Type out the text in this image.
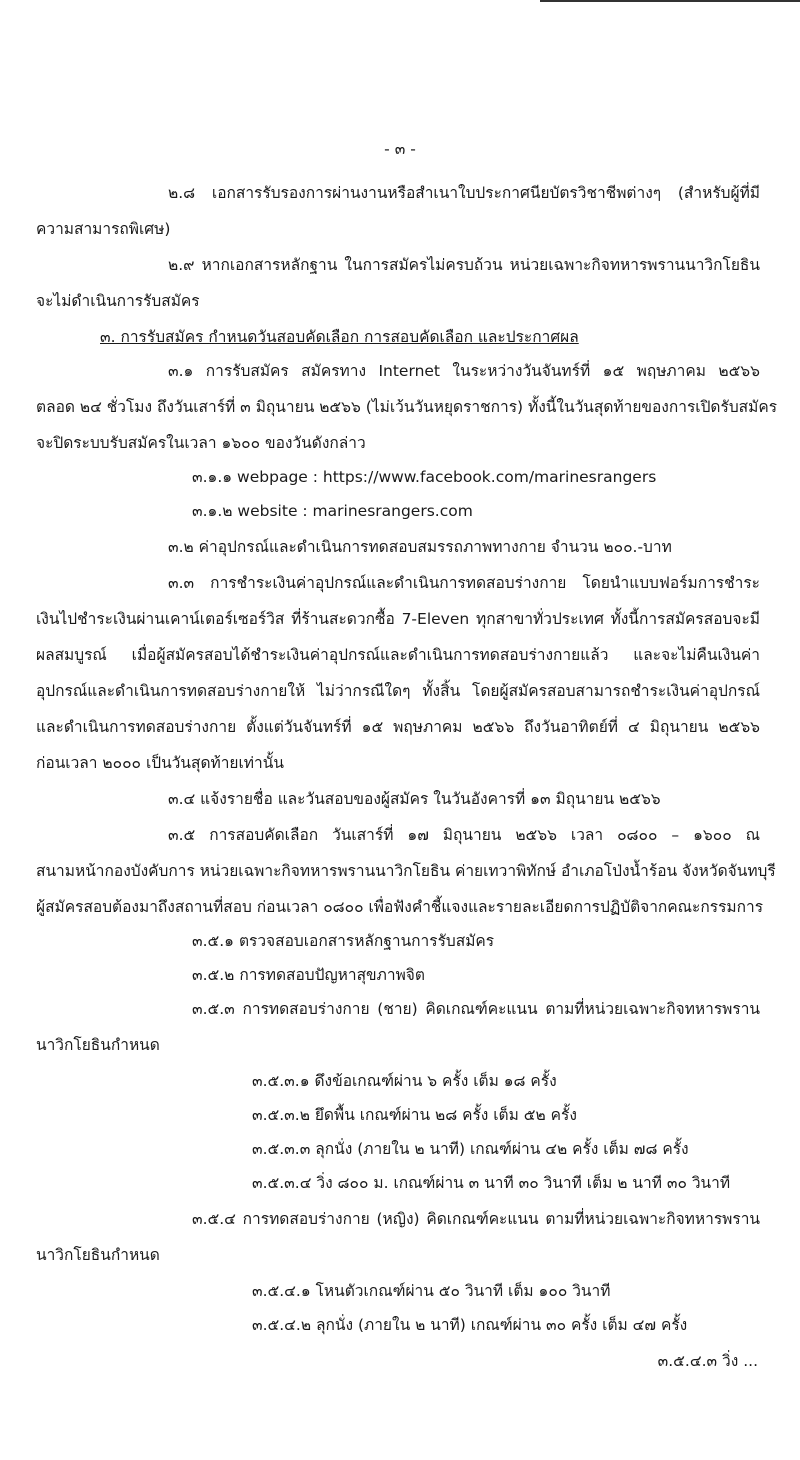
- ๓ -
๒.๘ เอกสารรับรองการผ่านงานหรือสำเนาใบประกาศนียบัตรวิชาชีพต่างๆ (สำหรับผู้ที่มี
ความสามารถพิเศษ)
๒.๙ หากเอกสารหลักฐาน ในการสมัครไม่ครบถ้วน หน่วยเฉพาะกิจทหารพรานนาวิกโยธิน
จะไม่ดำเนินการรับสมัคร
๓. การรับสมัคร กำหนดวันสอบคัดเลือก การสอบคัดเลือก และประกาศผล
๓.๑ การรับสมัคร สมัครทาง Internet ในระหว่างวันจันทร์ที่ ๑๕ พฤษภาคม ๒๕๖๖
ตลอด ๒๔ ชั่วโมง ถึงวันเสาร์ที่ ๓ มิถุนายน ๒๕๖๖ (ไม่เว้นวันหยุดราชการ) ทั้งนี้ในวันสุดท้ายของการเปิดรับสมัคร
จะปิดระบบรับสมัครในเวลา ๑๖๐๐ ของวันดังกล่าว
๓.๑.๑ webpage : https://www.facebook.com/marinesrangers
๓.๑.๒ website : marinesrangers.com
๓.๒ ค่าอุปกรณ์และดำเนินการทดสอบสมรรถภาพทางกาย จำนวน ๒๐๐.-บาท
๓.๓ การชำระเงินค่าอุปกรณ์และดำเนินการทดสอบร่างกาย โดยนำแบบฟอร์มการชำระ
เงินไปชำระเงินผ่านเคาน์เตอร์เซอร์วิส ที่ร้านสะดวกซื้อ 7-Eleven ทุกสาขาทั่วประเทศ ทั้งนี้การสมัครสอบจะมี
ผลสมบูรณ์ เมื่อผู้สมัครสอบได้ชำระเงินค่าอุปกรณ์และดำเนินการทดสอบร่างกายแล้ว และจะไม่คืนเงินค่า
อุปกรณ์และดำเนินการทดสอบร่างกายให้ ไม่ว่ากรณีใดๆ ทั้งสิ้น โดยผู้สมัครสอบสามารถชำระเงินค่าอุปกรณ์
และดำเนินการทดสอบร่างกาย ตั้งแต่วันจันทร์ที่ ๑๕ พฤษภาคม ๒๕๖๖ ถึงวันอาทิตย์ที่ ๔ มิถุนายน ๒๕๖๖
ก่อนเวลา ๒๐๐๐ เป็นวันสุดท้ายเท่านั้น
๓.๔ แจ้งรายชื่อ และวันสอบของผู้สมัคร ในวันอังคารที่ ๑๓ มิถุนายน ๒๕๖๖
๓.๕ การสอบคัดเลือก วันเสาร์ที่ ๑๗ มิถุนายน ๒๕๖๖ เวลา ๐๘๐๐ – ๑๖๐๐ ณ
สนามหน้ากองบังคับการ หน่วยเฉพาะกิจทหารพรานนาวิกโยธิน ค่ายเทวาพิทักษ์ อำเภอโป่งน้ำร้อน จังหวัดจันทบุรี
ผู้สมัครสอบต้องมาถึงสถานที่สอบ ก่อนเวลา ๐๘๐๐ เพื่อฟังคำชี้แจงและรายละเอียดการปฏิบัติจากคณะกรรมการ
๓.๕.๑ ตรวจสอบเอกสารหลักฐานการรับสมัคร
๓.๕.๒ การทดสอบปัญหาสุขภาพจิต
๓.๕.๓ การทดสอบร่างกาย (ชาย) คิดเกณฑ์คะแนน ตามที่หน่วยเฉพาะกิจทหารพราน
นาวิกโยธินกำหนด
๓.๕.๓.๑ ดึงข้อเกณฑ์ผ่าน ๖ ครั้ง เต็ม ๑๘ ครั้ง
๓.๕.๓.๒ ยึดพื้น เกณฑ์ผ่าน ๒๘ ครั้ง เต็ม ๕๒ ครั้ง
๓.๕.๓.๓ ลุกนั่ง (ภายใน ๒ นาที) เกณฑ์ผ่าน ๔๒ ครั้ง เต็ม ๗๘ ครั้ง
๓.๕.๓.๔ วิ่ง ๘๐๐ ม. เกณฑ์ผ่าน ๓ นาที ๓๐ วินาที เต็ม ๒ นาที ๓๐ วินาที
๓.๕.๔ การทดสอบร่างกาย (หญิง) คิดเกณฑ์คะแนน ตามที่หน่วยเฉพาะกิจทหารพราน
นาวิกโยธินกำหนด
๓.๕.๔.๑ โหนตัวเกณฑ์ผ่าน ๕๐ วินาที เต็ม ๑๐๐ วินาที
๓.๕.๔.๒ ลุกนั่ง (ภายใน ๒ นาที) เกณฑ์ผ่าน ๓๐ ครั้ง เต็ม ๔๗ ครั้ง
๓.๕.๔.๓ วิ่ง ...
